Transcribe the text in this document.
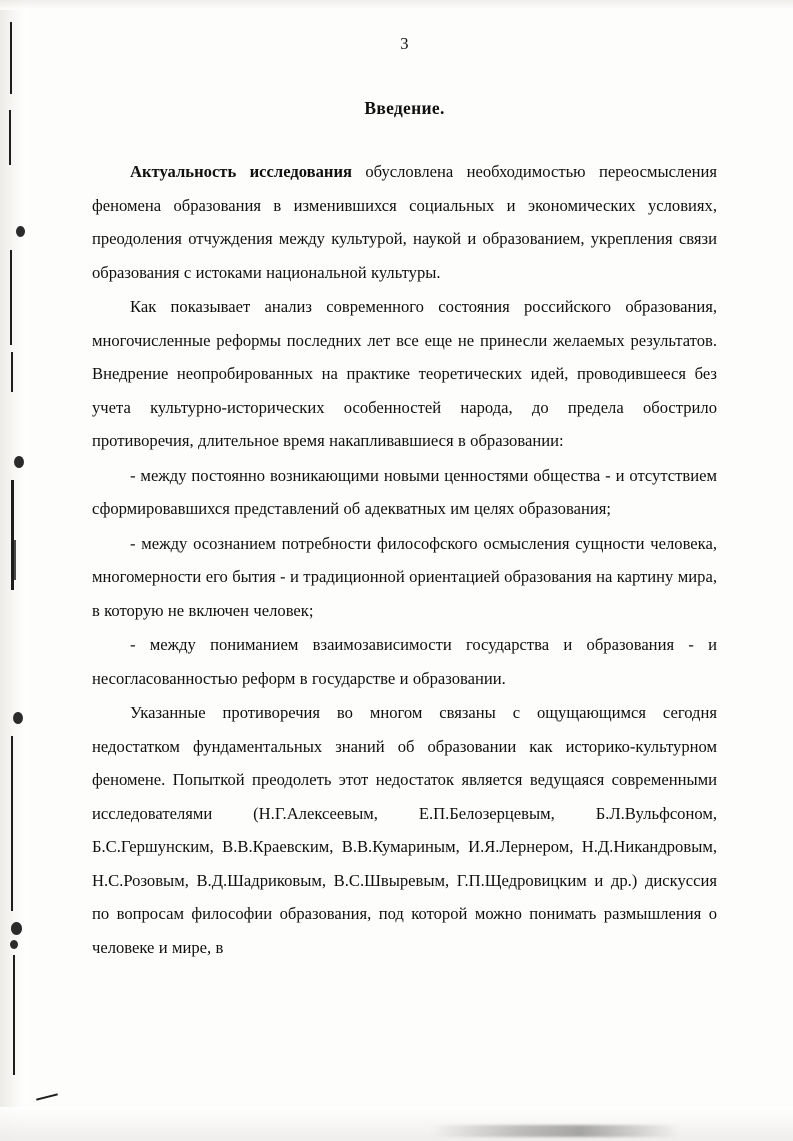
3
Введение.

Актуальность исследования обусловлена необходимостью переосмысления феномена образования в изменившихся социальных и экономических условиях, преодоления отчуждения между культурой, наукой и образованием, укрепления связи образования с истоками национальной культуры.

Как показывает анализ современного состояния российского образования, многочисленные реформы последних лет все еще не принесли желаемых результатов. Внедрение неопробированных на практике теоретических идей, проводившееся без учета культурно-исторических особенностей народа, до предела обострило противоречия, длительное время накапливавшиеся в образовании:

- между постоянно возникающими новыми ценностями общества - и отсутствием сформировавшихся представлений об адекватных им целях образования;

- между осознанием потребности философского осмысления сущности человека, многомерности его бытия - и традиционной ориентацией образования на картину мира, в которую не включен человек;

- между пониманием взаимозависимости государства и образования - и несогласованностью реформ в государстве и образовании.

Указанные противоречия во многом связаны с ощущающимся сегодня недостатком фундаментальных знаний об образовании как историко-культурном феномене. Попыткой преодолеть этот недостаток является ведущаяся современными исследователями (Н.Г.Алексеевым, Е.П.Белозерцевым, Б.Л.Вульфсоном, Б.С.Гершунским, В.В.Краевским, В.В.Кумариным, И.Я.Лернером, Н.Д.Никандровым, Н.С.Розовым, В.Д.Шадриковым, В.С.Швыревым, Г.П.Щедровицким и др.) дискуссия по вопросам философии образования, под которой можно понимать размышления о человеке и мире, в
